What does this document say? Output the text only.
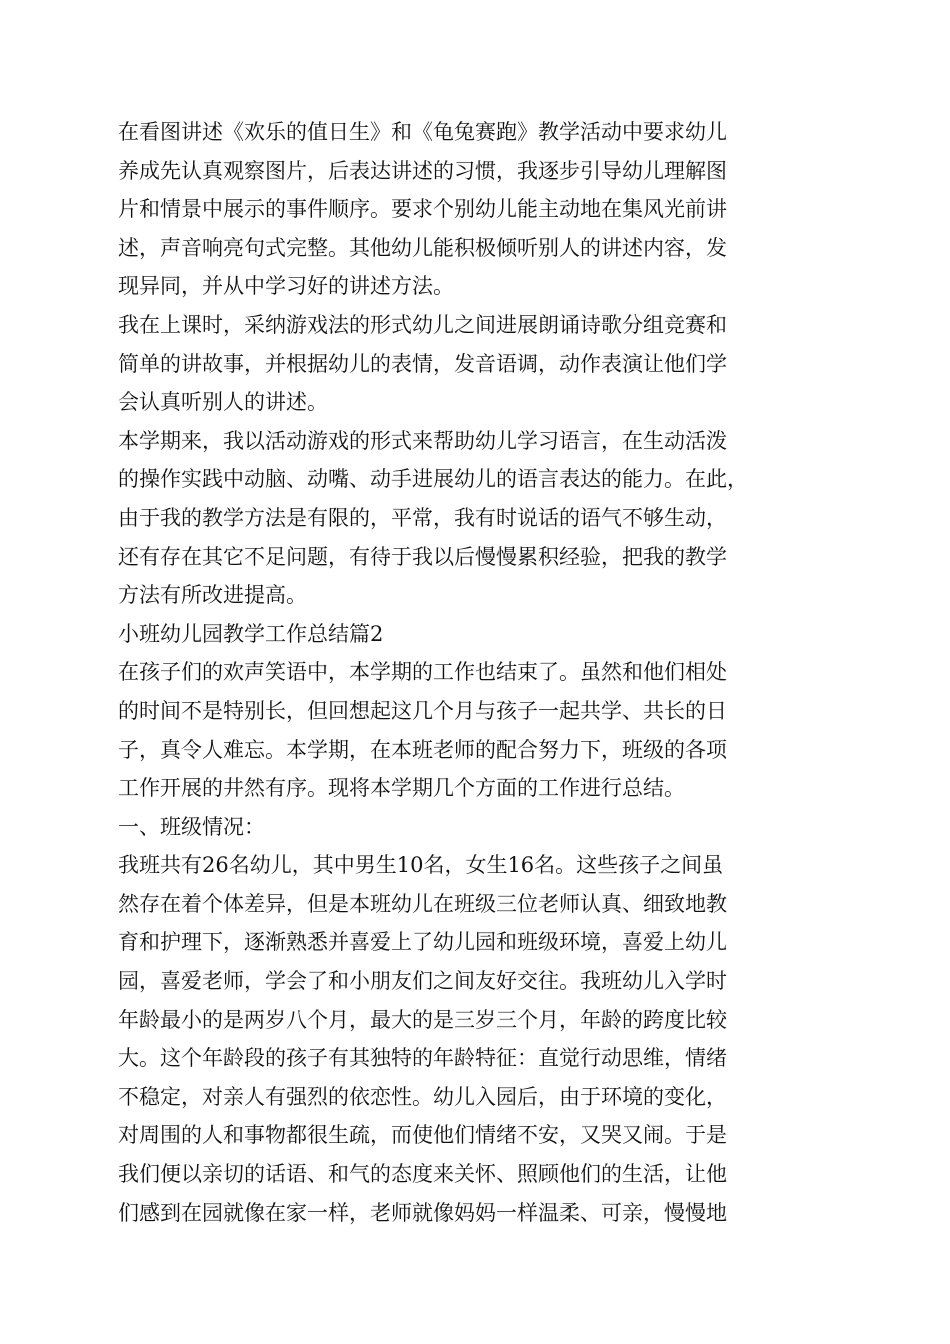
在看图讲述《欢乐的值日生》和《龟兔赛跑》教学活动中要求幼儿
养成先认真观察图片，后表达讲述的习惯，我逐步引导幼儿理解图
片和情景中展示的事件顺序。要求个别幼儿能主动地在集风光前讲
述，声音响亮句式完整。其他幼儿能积极倾听别人的讲述内容，发
现异同，并从中学习好的讲述方法。
我在上课时，采纳游戏法的形式幼儿之间进展朗诵诗歌分组竞赛和
简单的讲故事，并根据幼儿的表情，发音语调，动作表演让他们学
会认真听别人的讲述。
本学期来，我以活动游戏的形式来帮助幼儿学习语言，在生动活泼
的操作实践中动脑、动嘴、动手进展幼儿的语言表达的能力。在此，
由于我的教学方法是有限的，平常，我有时说话的语气不够生动，
还有存在其它不足问题，有待于我以后慢慢累积经验，把我的教学
方法有所改进提高。
小班幼儿园教学工作总结篇2
在孩子们的欢声笑语中，本学期的工作也结束了。虽然和他们相处
的时间不是特别长，但回想起这几个月与孩子一起共学、共长的日
子，真令人难忘。本学期，在本班老师的配合努力下，班级的各项
工作开展的井然有序。现将本学期几个方面的工作进行总结。
一、班级情况：
我班共有26名幼儿，其中男生10名，女生16名。这些孩子之间虽
然存在着个体差异，但是本班幼儿在班级三位老师认真、细致地教
育和护理下，逐渐熟悉并喜爱上了幼儿园和班级环境，喜爱上幼儿
园，喜爱老师，学会了和小朋友们之间友好交往。我班幼儿入学时
年龄最小的是两岁八个月，最大的是三岁三个月，年龄的跨度比较
大。这个年龄段的孩子有其独特的年龄特征：直觉行动思维，情绪
不稳定，对亲人有强烈的依恋性。幼儿入园后，由于环境的变化，
对周围的人和事物都很生疏，而使他们情绪不安，又哭又闹。于是
我们便以亲切的话语、和气的态度来关怀、照顾他们的生活，让他
们感到在园就像在家一样，老师就像妈妈一样温柔、可亲，慢慢地
